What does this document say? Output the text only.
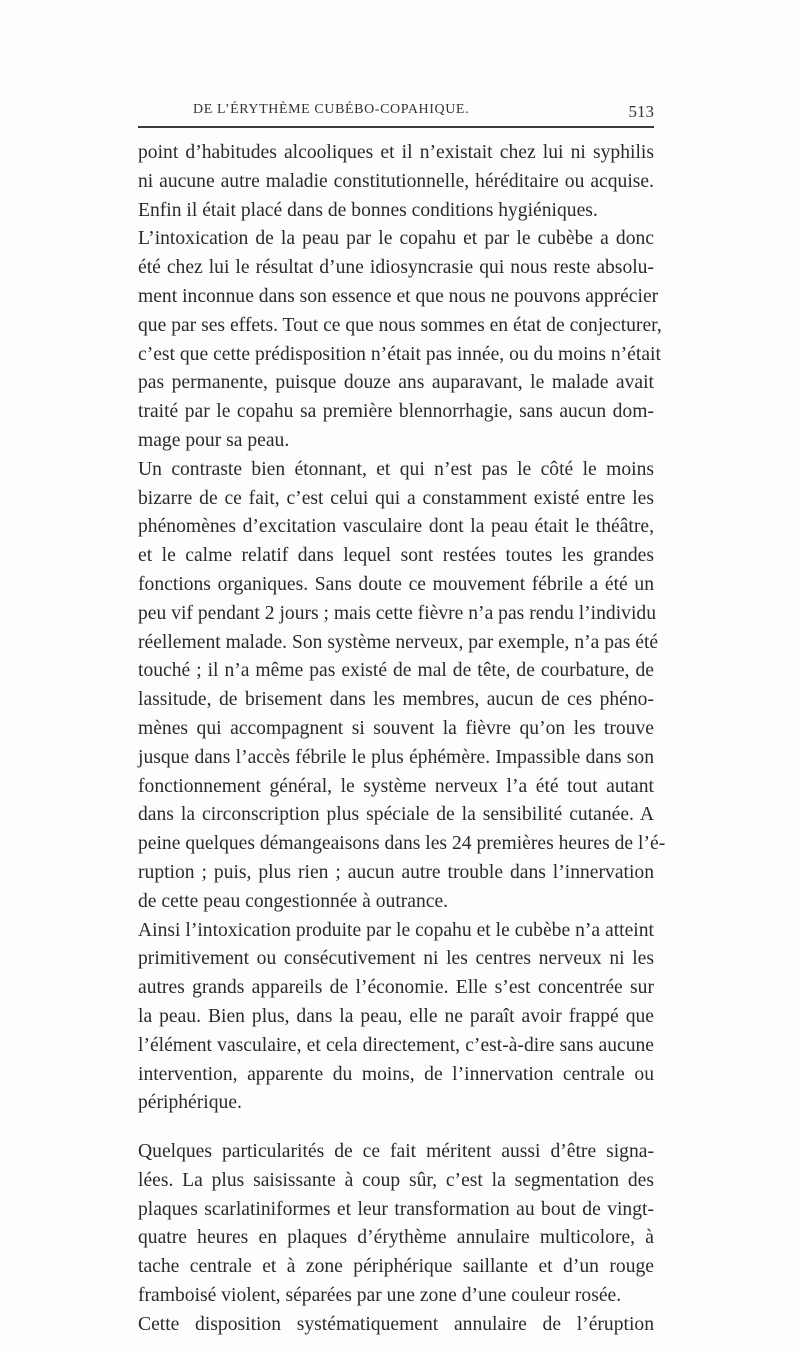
DE L’ÉRYTHÈME CUBÉBO-COPAHIQUE.	513
point d’habitudes alcooliques et il n’existait chez lui ni syphilis
ni aucune autre maladie constitutionnelle, héréditaire ou acquise.
Enfin il était placé dans de bonnes conditions hygiéniques.
L’intoxication de la peau par le copahu et par le cubèbe a donc
été chez lui le résultat d’une idiosyncrasie qui nous reste absolu-
ment inconnue dans son essence et que nous ne pouvons apprécier
que par ses effets. Tout ce que nous sommes en état de conjecturer,
c’est que cette prédisposition n’était pas innée, ou du moins n’était
pas permanente, puisque douze ans auparavant, le malade avait
traité par le copahu sa première blennorrhagie, sans aucun dom-
mage pour sa peau.
Un contraste bien étonnant, et qui n’est pas le côté le moins
bizarre de ce fait, c’est celui qui a constamment existé entre les
phénomènes d’excitation vasculaire dont la peau était le théâtre,
et le calme relatif dans lequel sont restées toutes les grandes
fonctions organiques. Sans doute ce mouvement fébrile a été un
peu vif pendant 2 jours ; mais cette fièvre n’a pas rendu l’individu
réellement malade. Son système nerveux, par exemple, n’a pas été
touché ; il n’a même pas existé de mal de tête, de courbature, de
lassitude, de brisement dans les membres, aucun de ces phéno-
mènes qui accompagnent si souvent la fièvre qu’on les trouve
jusque dans l’accès fébrile le plus éphémère. Impassible dans son
fonctionnement général, le système nerveux l’a été tout autant
dans la circonscription plus spéciale de la sensibilité cutanée. A
peine quelques démangeaisons dans les 24 premières heures de l’é-
ruption ; puis, plus rien ; aucun autre trouble dans l’innervation
de cette peau congestionnée à outrance.
Ainsi l’intoxication produite par le copahu et le cubèbe n’a atteint
primitivement ou consécutivement ni les centres nerveux ni les
autres grands appareils de l’économie. Elle s’est concentrée sur
la peau. Bien plus, dans la peau, elle ne paraît avoir frappé que
l’élément vasculaire, et cela directement, c’est-à-dire sans aucune
intervention, apparente du moins, de l’innervation centrale ou
périphérique.
Quelques particularités de ce fait méritent aussi d’être signa-
lées. La plus saisissante à coup sûr, c’est la segmentation des
plaques scarlatiniformes et leur transformation au bout de vingt-
quatre heures en plaques d’érythème annulaire multicolore, à
tache centrale et à zone périphérique saillante et d’un rouge
framboisé violent, séparées par une zone d’une couleur rosée.
Cette disposition systématiquement annulaire de l’éruption
